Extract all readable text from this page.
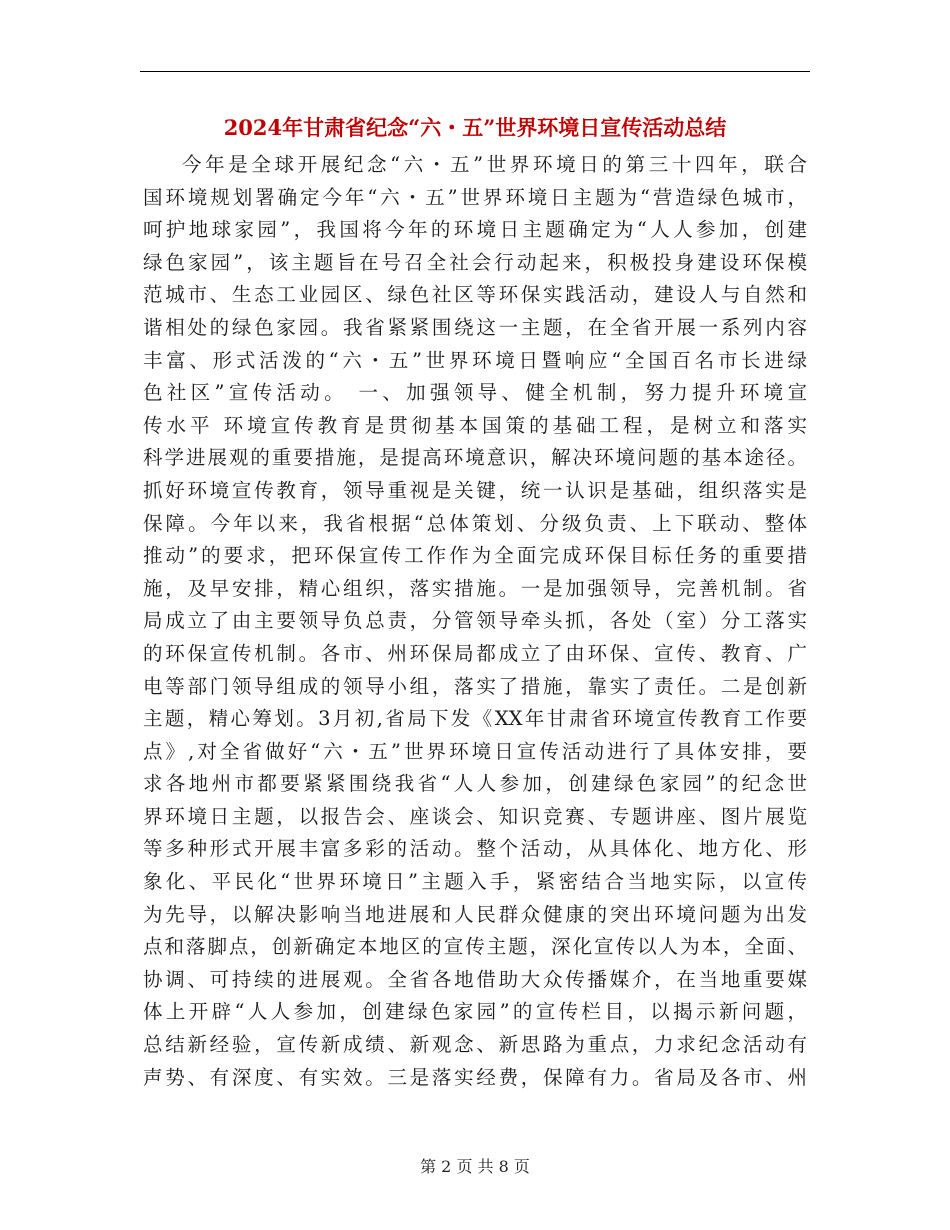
2024年甘肃省纪念“六・五”世界环境日宣传活动总结
今年是全球开展纪念“六・五”世界环境日的第三十四年，联合
国环境规划署确定今年“六・五”世界环境日主题为“营造绿色城市，
呵护地球家园”，我国将今年的环境日主题确定为“人人参加，创建
绿色家园”，该主题旨在号召全社会行动起来，积极投身建设环保模
范城市、生态工业园区、绿色社区等环保实践活动，建设人与自然和
谐相处的绿色家园。我省紧紧围绕这一主题，在全省开展一系列内容
丰富、形式活泼的“六・五”世界环境日暨响应“全国百名市长进绿
色社区”宣传活动。 一、加强领导、健全机制，努力提升环境宣
传水平 环境宣传教育是贯彻基本国策的基础工程，是树立和落实
科学进展观的重要措施，是提高环境意识，解决环境问题的基本途径。
抓好环境宣传教育，领导重视是关键，统一认识是基础，组织落实是
保障。今年以来，我省根据“总体策划、分级负责、上下联动、整体
推动”的要求，把环保宣传工作作为全面完成环保目标任务的重要措
施，及早安排，精心组织，落实措施。一是加强领导，完善机制。省
局成立了由主要领导负总责，分管领导牵头抓，各处（室）分工落实
的环保宣传机制。各市、州环保局都成立了由环保、宣传、教育、广
电等部门领导组成的领导小组，落实了措施，靠实了责任。二是创新
主题，精心筹划。3月初,省局下发《XX年甘肃省环境宣传教育工作要
点》,对全省做好“六・五”世界环境日宣传活动进行了具体安排，要
求各地州市都要紧紧围绕我省“人人参加，创建绿色家园”的纪念世
界环境日主题，以报告会、座谈会、知识竞赛、专题讲座、图片展览
等多种形式开展丰富多彩的活动。整个活动，从具体化、地方化、形
象化、平民化“世界环境日”主题入手，紧密结合当地实际，以宣传
为先导，以解决影响当地进展和人民群众健康的突出环境问题为出发
点和落脚点，创新确定本地区的宣传主题，深化宣传以人为本，全面、
协调、可持续的进展观。全省各地借助大众传播媒介，在当地重要媒
体上开辟“人人参加，创建绿色家园”的宣传栏目，以揭示新问题，
总结新经验，宣传新成绩、新观念、新思路为重点，力求纪念活动有
声势、有深度、有实效。三是落实经费，保障有力。省局及各市、州
第 2 页 共 8 页
